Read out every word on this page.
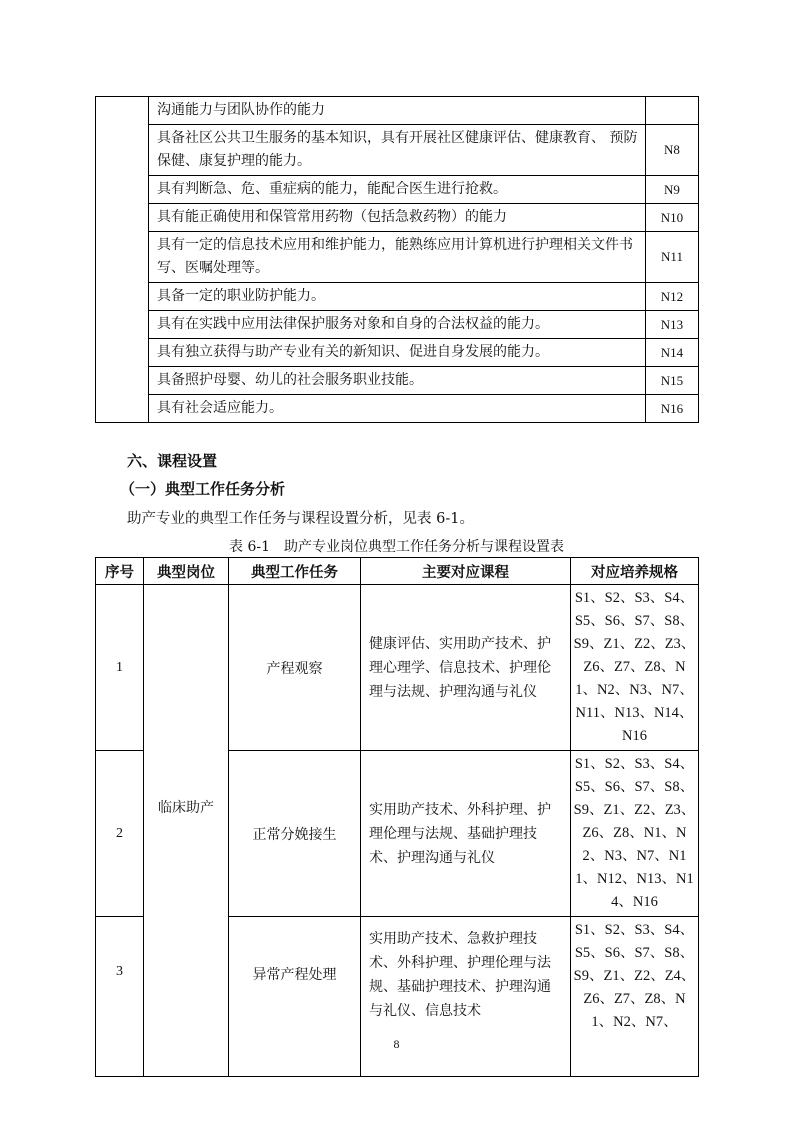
	沟通能力与团队协作的能力	
	具备社区公共卫生服务的基本知识，具有开展社区健康评估、健康教育、 预防保健、康复护理的能力。	N8
	具有判断急、危、重症病的能力，能配合医生进行抢救。	N9
	具有能正确使用和保管常用药物（包括急救药物）的能力	N10
	具有一定的信息技术应用和维护能力，能熟练应用计算机进行护理相关文件书写、医嘱处理等。	N11
	具备一定的职业防护能力。	N12
	具有在实践中应用法律保护服务对象和自身的合法权益的能力。	N13
	具有独立获得与助产专业有关的新知识、促进自身发展的能力。	N14
	具备照护母婴、幼儿的社会服务职业技能。	N15
	具有社会适应能力。	N16
六、课程设置
（一）典型工作任务分析
助产专业的典型工作任务与课程设置分析，见表 6-1。
表 6-1　助产专业岗位典型工作任务分析与课程设置表
序号	典型岗位	典型工作任务	主要对应课程	对应培养规格
1	临床助产	产程观察	健康评估、实用助产技术、护理心理学、信息技术、护理伦理与法规、护理沟通与礼仪	S1、S2、S3、S4、S5、S6、S7、S8、S9、Z1、Z2、Z3、Z6、Z7、Z8、N1、N2、N3、N7、N11、N13、N14、N16
2		正常分娩接生	实用助产技术、外科护理、护理伦理与法规、基础护理技术、护理沟通与礼仪	S1、S2、S3、S4、S5、S6、S7、S8、S9、Z1、Z2、Z3、Z6、Z8、N1、N2、N3、N7、N11、N12、N13、N14、N16
3		异常产程处理	实用助产技术、急救护理技术、外科护理、护理伦理与法规、基础护理技术、护理沟通与礼仪、信息技术	S1、S2、S3、S4、S5、S6、S7、S8、S9、Z1、Z2、Z4、Z6、Z7、Z8、N1、N2、N7、
8
